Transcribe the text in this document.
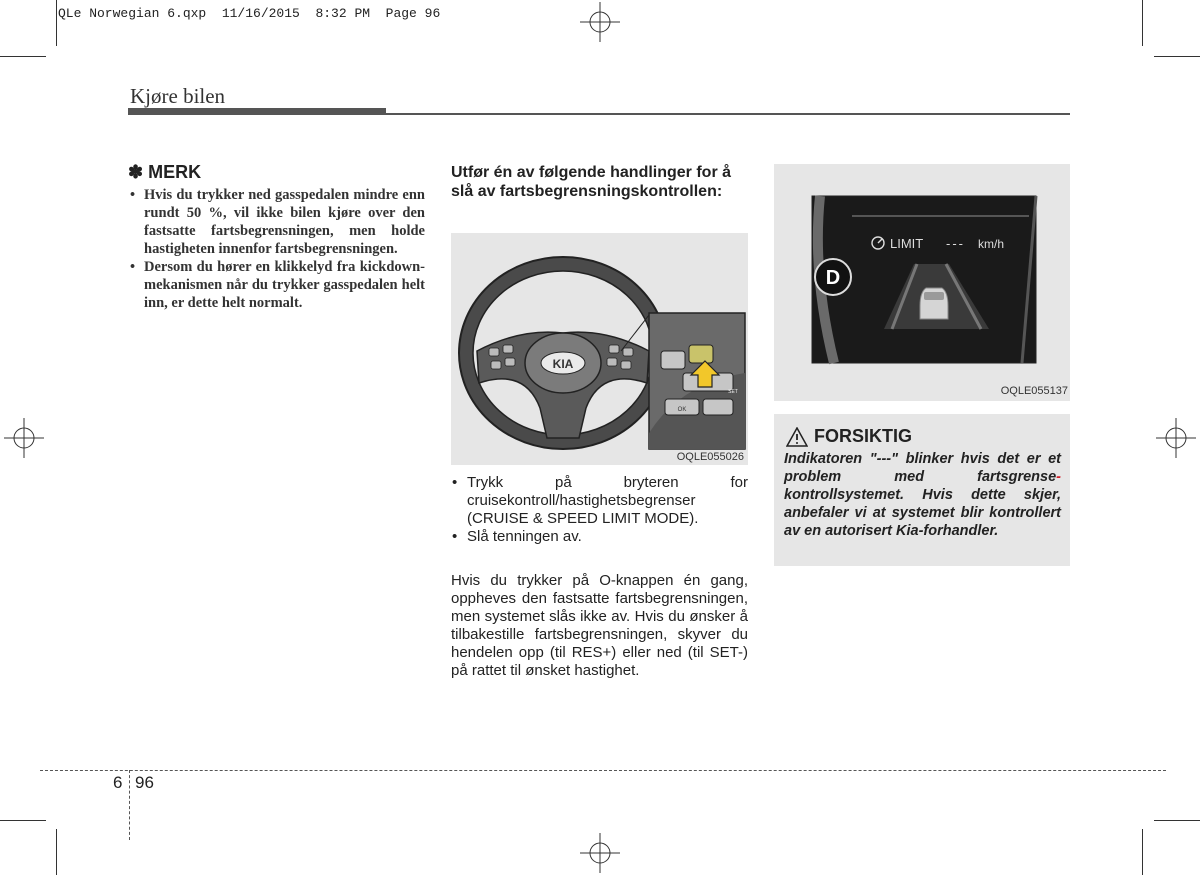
QLe Norwegian 6.qxp  11/16/2015  8:32 PM  Page 96
Kjøre bilen
✽ MERK
• Hvis du trykker ned gasspedalen mindre enn rundt 50 %, vil ikke bilen kjøre over den fastsatte fartsbegrensningen, men holde hastigheten innenfor fartsbegrensningen.
• Dersom du hører en klikkelyd fra kickdown-mekanismen når du trykker gasspedalen helt inn, er dette helt normalt.
Utfør én av følgende handlinger for å slå av fartsbegrensningskontrollen:
KIA
OK
SET
OQLE055026
• Trykk på bryteren for cruisekontroll/hastighetsbegrenser (CRUISE & SPEED LIMIT MODE).
• Slå tenningen av.

Hvis du trykker på O-knappen én gang, oppheves den fastsatte fartsbegrensningen, men systemet slås ikke av. Hvis du ønsker å tilbakestille fartsbegrensningen, skyver du hendelen opp (til RES+) eller ned (til SET-) på rattet til ønsket hastighet.

D
LIMIT --- km/h
OQLE055137
FORSIKTIG

Indikatoren "---" blinker hvis det er et problem med fartsgrense- kontrollsystemet. Hvis dette skjer, anbefaler vi at systemet blir kontrollert av en autorisert Kia-forhandler.

6 96
